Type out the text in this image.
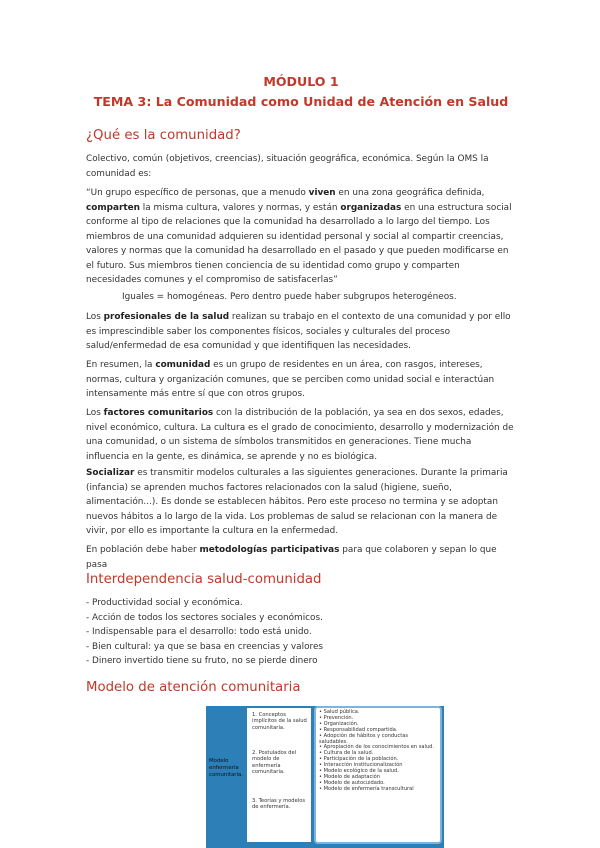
MÓDULO 1
TEMA 3: La Comunidad como Unidad de Atención en Salud
¿Qué es la comunidad?

Colectivo, común (objetivos, creencias), situación geográfica, económica. Según la OMS la
comunidad es:

“Un grupo específico de personas, que a menudo viven en una zona geográfica definida,
comparten la misma cultura, valores y normas, y están organizadas en una estructura social
conforme al tipo de relaciones que la comunidad ha desarrollado a lo largo del tiempo. Los
miembros de una comunidad adquieren su identidad personal y social al compartir creencias,
valores y normas que la comunidad ha desarrollado en el pasado y que pueden modificarse en
el futuro. Sus miembros tienen conciencia de su identidad como grupo y comparten
necesidades comunes y el compromiso de satisfacerlas”

Iguales = homogéneas. Pero dentro puede haber subgrupos heterogéneos.

Los profesionales de la salud realizan su trabajo en el contexto de una comunidad y por ello
es imprescindible saber los componentes físicos, sociales y culturales del proceso
salud/enfermedad de esa comunidad y que identifiquen las necesidades.

En resumen, la comunidad es un grupo de residentes en un área, con rasgos, intereses,
normas, cultura y organización comunes, que se perciben como unidad social e interactúan
intensamente más entre sí que con otros grupos.

Los factores comunitarios con la distribución de la población, ya sea en dos sexos, edades,
nivel económico, cultura. La cultura es el grado de conocimiento, desarrollo y modernización de
una comunidad, o un sistema de símbolos transmitidos en generaciones. Tiene mucha
influencia en la gente, es dinámica, se aprende y no es biológica.

Socializar es transmitir modelos culturales a las siguientes generaciones. Durante la primaria
(infancia) se aprenden muchos factores relacionados con la salud (higiene, sueño,
alimentación...). Es donde se establecen hábitos. Pero este proceso no termina y se adoptan
nuevos hábitos a lo largo de la vida. Los problemas de salud se relacionan con la manera de
vivir, por ello es importante la cultura en la enfermedad.

En población debe haber metodologías participativas para que colaboren y sepan lo que pasa

Interdependencia salud-comunidad
- Productividad social y económica.
- Acción de todos los sectores sociales y económicos.
- Indispensable para el desarrollo: todo está unido.
- Bien cultural: ya que se basa en creencias y valores
- Dinero invertido tiene su fruto, no se pierde dinero
Modelo de atención comunitaria
Modelo enfermería comunitaria.
1. Conceptos implícitos de la salud comunitaria.
2. Postulados del modelo de enfermería comunitaria.
3. Teorías y modelos de enfermería.
• Salud pública.
• Prevención.
• Organización.
• Responsabilidad compartida.
• Adopción de hábitos y conductas saludables.
• Apropiación de los conocimientos en salud.
• Cultura de la salud.
• Participación de la población.
• Interacción institucionalización
• Modelo ecológico de la salud.
• Modelo de adaptación
• Modelo de autocuidado.
• Modelo de enfermería transcultural
